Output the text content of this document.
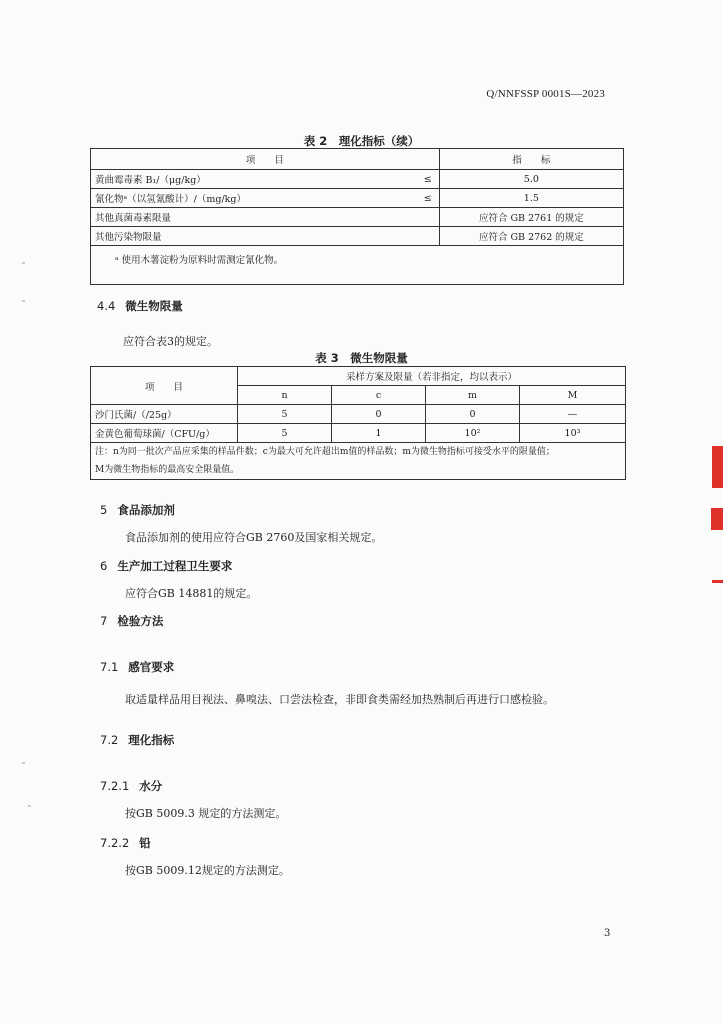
Q/NNFSSP 0001S—2023
表 2　理化指标（续）
项　　目		指　　标
黄曲霉毒素 B₁/（μg/kg）	≤	5.0
氰化物ᵃ（以氢氰酸计）/（mg/kg）	≤	1.5
其他真菌毒素限量		应符合 GB 2761 的规定
其他污染物限量		应符合 GB 2762 的规定
ᵃ 使用木薯淀粉为原料时需测定氰化物。		
4.4 微生物限量
应符合表3的规定。
表 3　微生物限量
项　　目	采样方案及限量（若非指定，均以表示）			
	n	c	m	M
沙门氏菌/（/25g）	5	0	0	—
金黄色葡萄球菌/（CFU/g）	5	1	10²	10³

注：n为同一批次产品应采集的样品件数；c为最大可允许超出m值的样品数；m为微生物指标可接受水平的限量值；
M为微生物指标的最高安全限量值。				
5 食品添加剂
食品添加剂的使用应符合GB 2760及国家相关规定。
6 生产加工过程卫生要求
应符合GB 14881的规定。
7 检验方法
7.1 感官要求
取适量样品用目视法、鼻嗅法、口尝法检查，非即食类需经加热熟制后再进行口感检验。
7.2 理化指标
7.2.1 水分
按GB 5009.3 规定的方法测定。
7.2.2 铅
按GB 5009.12规定的方法测定。
3
